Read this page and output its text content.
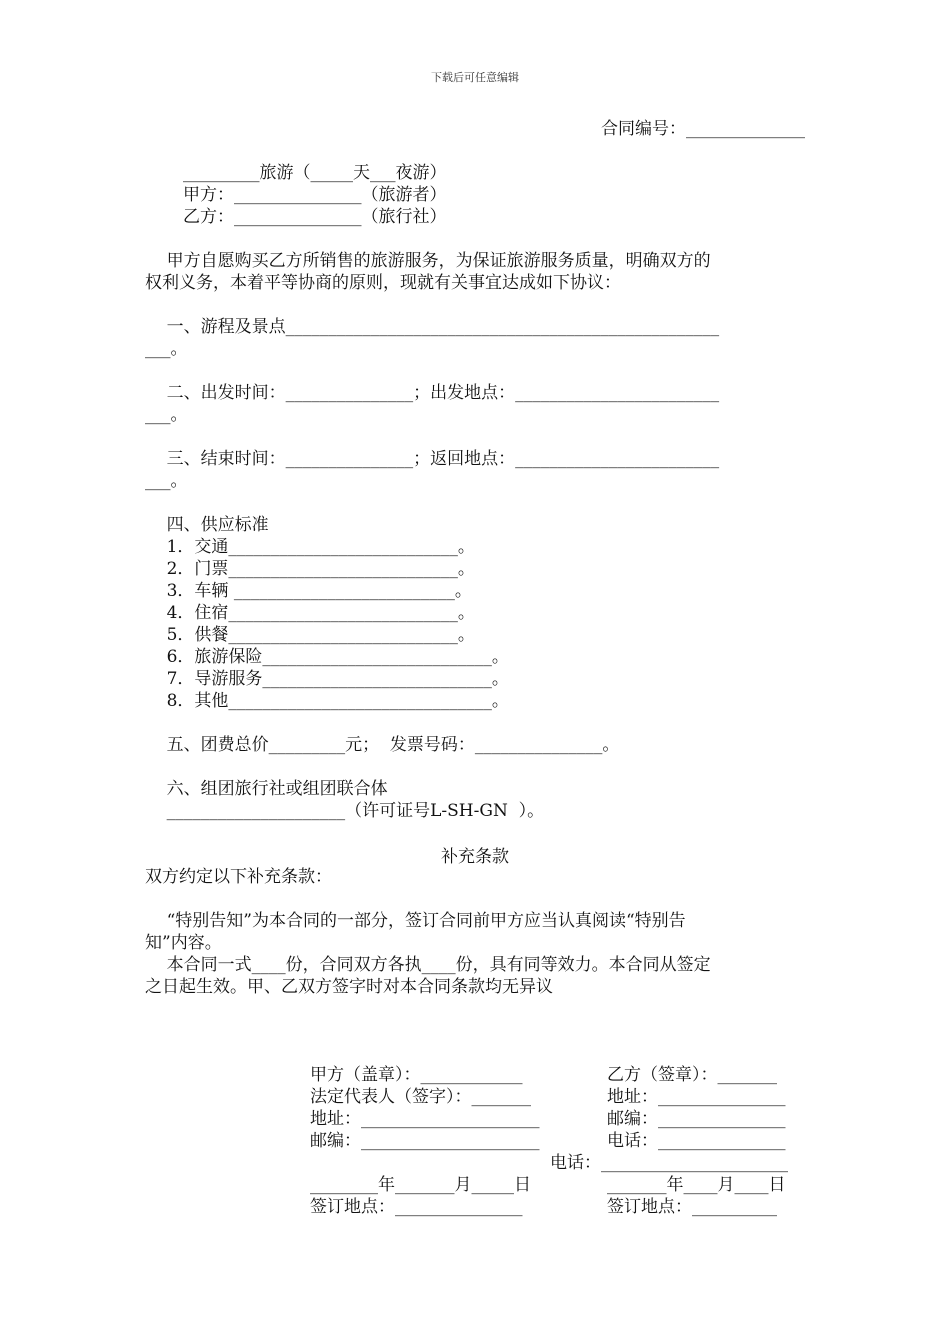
下载后可任意编辑
合同编号：______________
_________旅游（_____天___夜游）
甲方：_______________（旅游者）
乙方：_______________（旅行社）
甲方自愿购买乙方所销售的旅游服务，为保证旅游服务质量，明确双方的
权利义务，本着平等协商的原则，现就有关事宜达成如下协议：
一、游程及景点___________________________________________________
___。
二、出发时间：_______________；出发地点：________________________
___。
三、结束时间：_______________；返回地点：________________________
___。
四、供应标准
1．交通___________________________。
2．门票___________________________。
3．车辆 __________________________。
4．住宿___________________________。
5．供餐___________________________。
6．旅游保险___________________________。
7．导游服务___________________________。
8．其他_______________________________。
五、团费总价_________元；  发票号码：_______________。
六、组团旅行社或组团联合体
_____________________（许可证号L-SH-GN  ）。
补充条款
双方约定以下补充条款：
“特别告知”为本合同的一部分，签订合同前甲方应当认真阅读“特别告
知”内容。
本合同一式____份，合同双方各执____份，具有同等效力。本合同从签定
之日起生效。甲、乙双方签字时对本合同条款均无异议
甲方（盖章）：____________
法定代表人（签字）：_______
地址：_____________________
邮编：_____________________
乙方（签章）：_______
地址：_______________
邮编：_______________
电话：_______________
电话：______________________
________年_______月_____日	_______年____月____日
签订地点：_______________	签订地点：__________
